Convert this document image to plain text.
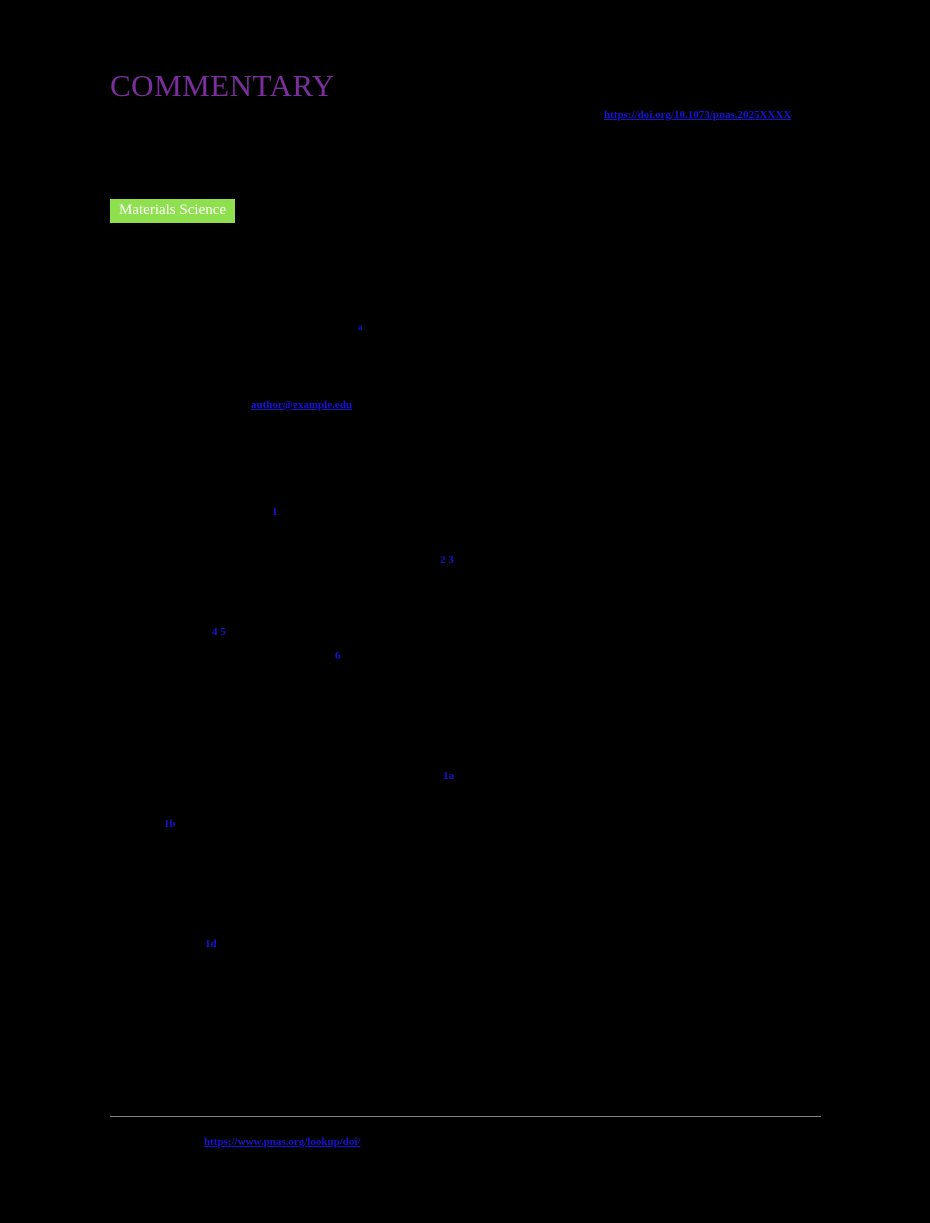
COMMENTARY
https://doi.org/10.1073/pnas.2025XXXX
Materials Science
a
author@example.edu
1
2 3
4 5
6
1a
1b
1d
https://www.pnas.org/lookup/doi/
